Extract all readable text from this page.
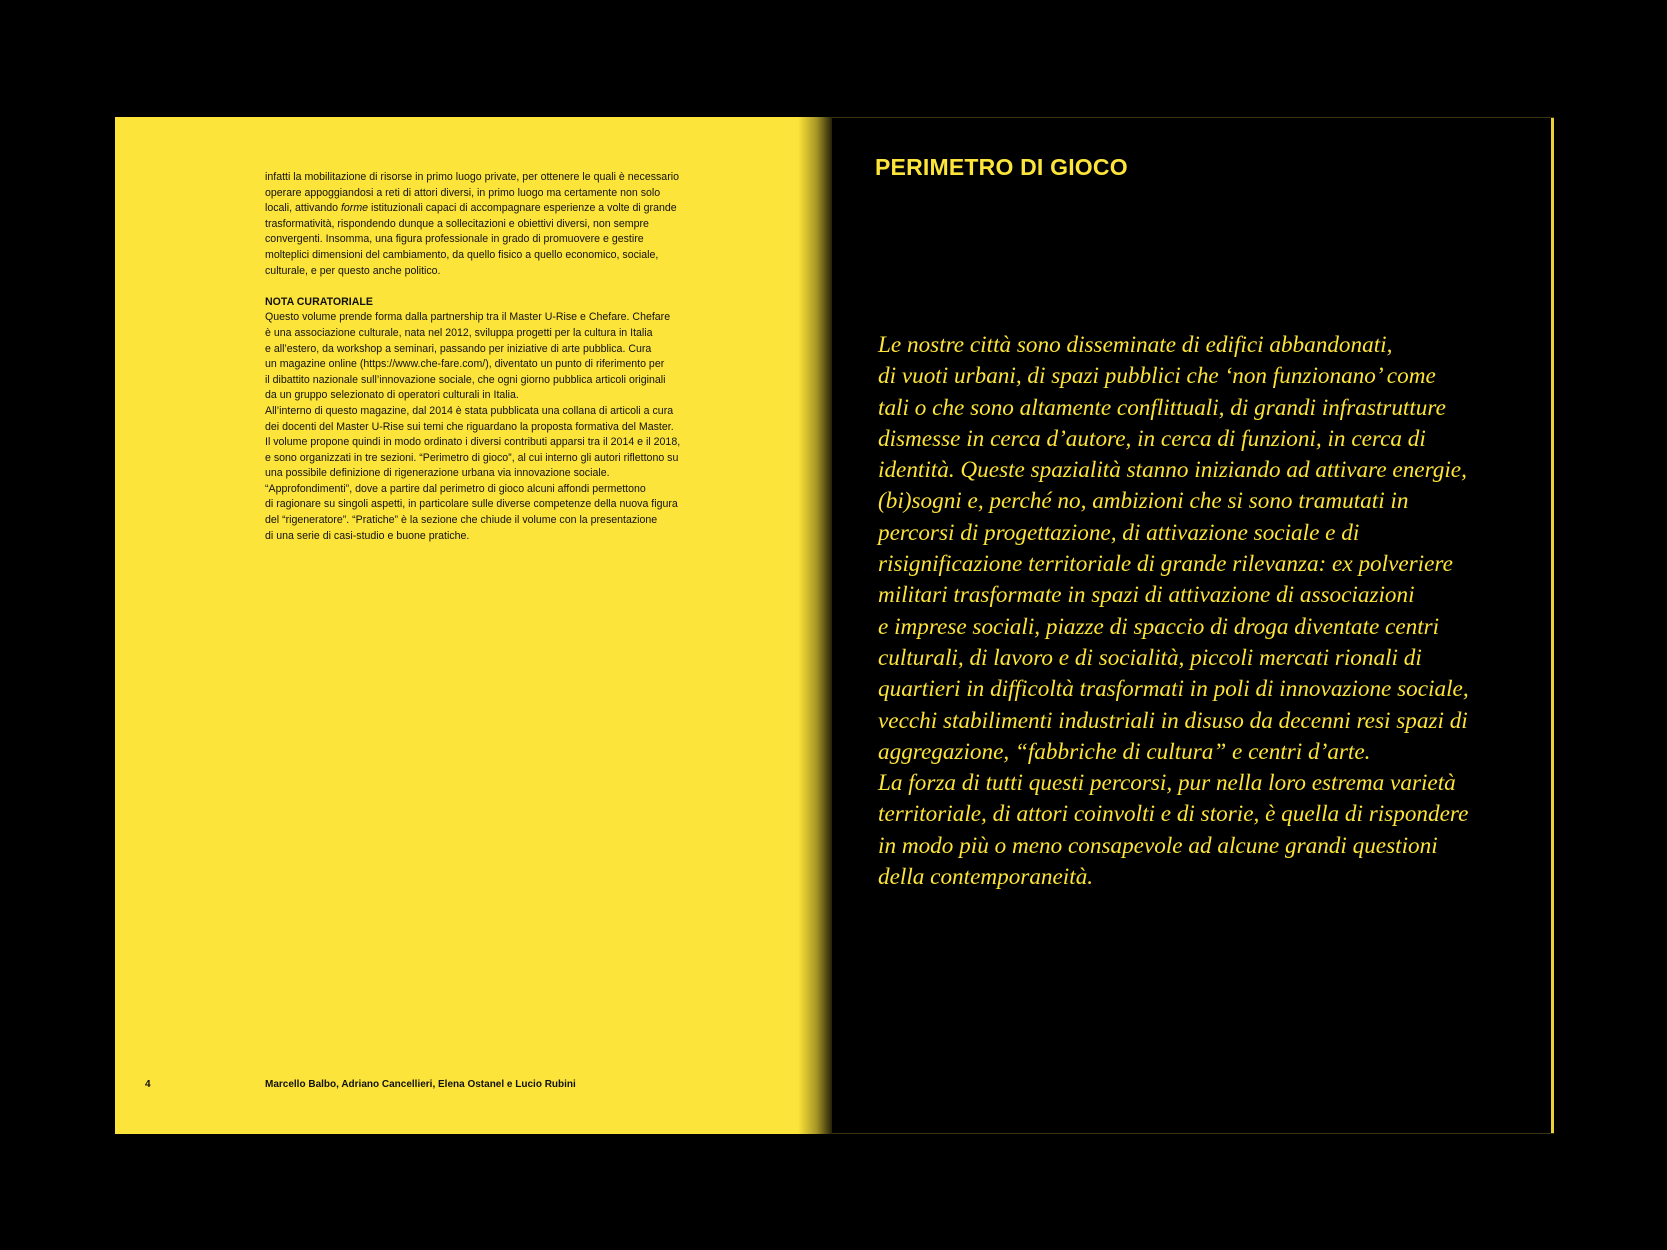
infatti la mobilitazione di risorse in primo luogo private, per ottenere le quali è necessario

operare appoggiandosi a reti di attori diversi, in primo luogo ma certamente non solo

locali, attivando forme istituzionali capaci di accompagnare esperienze a volte di grande

trasformatività, rispondendo dunque a sollecitazioni e obiettivi diversi, non sempre

convergenti. Insomma, una figura professionale in grado di promuovere e gestire

molteplici dimensioni del cambiamento, da quello fisico a quello economico, sociale,

culturale, e per questo anche politico.

NOTA CURATORIALE

Questo volume prende forma dalla partnership tra il Master U-Rise e Chefare. Chefare

è una associazione culturale, nata nel 2012, sviluppa progetti per la cultura in Italia

e all’estero, da workshop a seminari, passando per iniziative di arte pubblica. Cura

un magazine online (https://www.che-fare.com/), diventato un punto di riferimento per

il dibattito nazionale sull’innovazione sociale, che ogni giorno pubblica articoli originali

da un gruppo selezionato di operatori culturali in Italia.

All’interno di questo magazine, dal 2014 è stata pubblicata una collana di articoli a cura

dei docenti del Master U-Rise sui temi che riguardano la proposta formativa del Master.

Il volume propone quindi in modo ordinato i diversi contributi apparsi tra il 2014 e il 2018,

e sono organizzati in tre sezioni. “Perimetro di gioco”, al cui interno gli autori riflettono su

una possibile definizione di rigenerazione urbana via innovazione sociale.

“Approfondimenti”, dove a partire dal perimetro di gioco alcuni affondi permettono

di ragionare su singoli aspetti, in particolare sulle diverse competenze della nuova figura

del “rigeneratore”. “Pratiche” è la sezione che chiude il volume con la presentazione

di una serie di casi-studio e buone pratiche.

4	Marcello Balbo, Adriano Cancellieri, Elena Ostanel e Lucio Rubini
PERIMETRO DI GIOCO

Le nostre città sono disseminate di edifici abbandonati,

di vuoti urbani, di spazi pubblici che ‘non funzionano’ come

tali o che sono altamente conflittuali, di grandi infrastrutture

dismesse in cerca d’autore, in cerca di funzioni, in cerca di

identità. Queste spazialità stanno iniziando ad attivare energie,

(bi)sogni e, perché no, ambizioni che si sono tramutati in

percorsi di progettazione, di attivazione sociale e di

risignificazione territoriale di grande rilevanza: ex polveriere

militari trasformate in spazi di attivazione di associazioni

e imprese sociali, piazze di spaccio di droga diventate centri

culturali, di lavoro e di socialità, piccoli mercati rionali di

quartieri in difficoltà trasformati in poli di innovazione sociale,

vecchi stabilimenti industriali in disuso da decenni resi spazi di

aggregazione, “fabbriche di cultura” e centri d’arte.

La forza di tutti questi percorsi, pur nella loro estrema varietà

territoriale, di attori coinvolti e di storie, è quella di rispondere

in modo più o meno consapevole ad alcune grandi questioni

della contemporaneità.
